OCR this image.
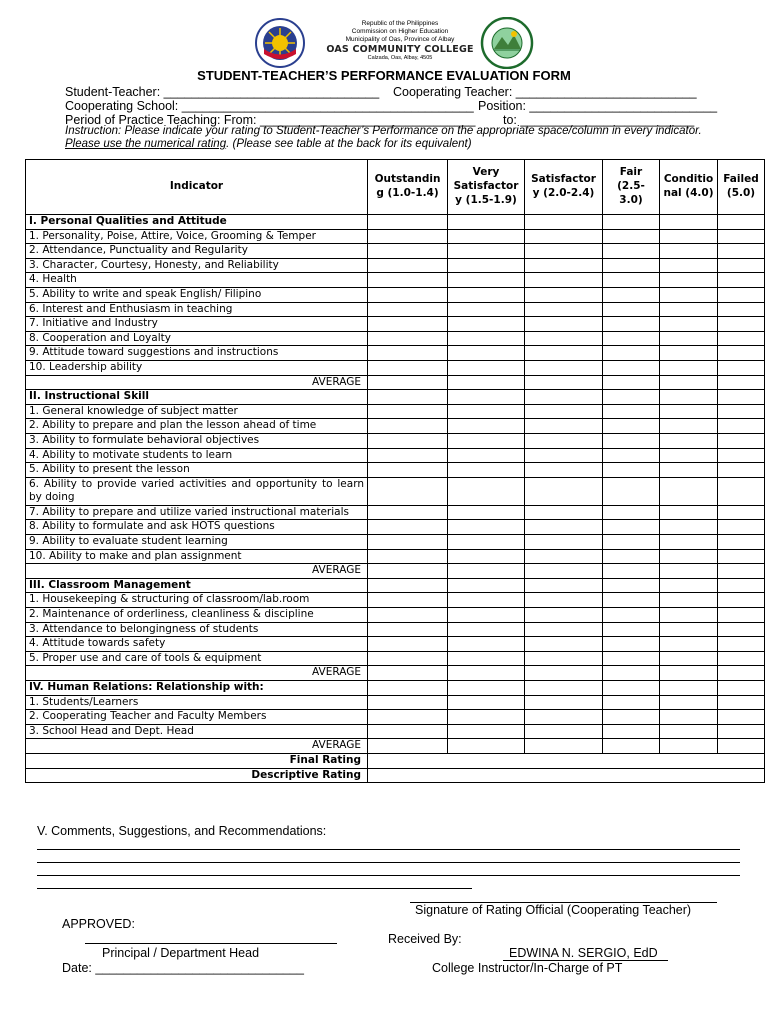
Republic of the Philippines
Commission on Higher Education
Municipality of Oas, Province of Albay
OAS COMMUNITY COLLEGE
Calzada, Oas, Albay, 4505
STUDENT-TEACHER’S PERFORMANCE EVALUATION FORM
Student-Teacher: _______________________________ Cooperating Teacher: __________________________
Cooperating School: __________________________________________ Position: ___________________________
Period of Practice Teaching: From: _______________________________ to: _________________________
Instruction: Please indicate your rating to Student-Teacher’s Performance on the appropriate space/column in every indicator. Please use the numerical rating. (Please see table at the back for its equivalent)
Indicator	Outstanding (1.0-1.4)	Very Satisfactory (1.5-1.9)	Satisfactory (2.0-2.4)	Fair (2.5-3.0)	Conditional (4.0)	Failed (5.0)
I. Personal Qualities and Attitude						
1. Personality, Poise, Attire, Voice, Grooming & Temper						
2. Attendance, Punctuality and Regularity						
3. Character, Courtesy, Honesty, and Reliability						
4. Health						
5. Ability to write and speak English/ Filipino						
6. Interest and Enthusiasm in teaching						
7. Initiative and Industry						
8. Cooperation and Loyalty						
9. Attitude toward suggestions and instructions						
10. Leadership ability						
AVERAGE						
II. Instructional Skill						
1. General knowledge of subject matter						
2. Ability to prepare and plan the lesson ahead of time						
3. Ability to formulate behavioral objectives						
4. Ability to motivate students to learn						
5. Ability to present the lesson						
6. Ability to provide varied activities and opportunity to learn by doing						
7. Ability to prepare and utilize varied instructional materials						
8. Ability to formulate and ask HOTS questions						
9. Ability to evaluate student learning						
10. Ability to make and plan assignment						
AVERAGE						
III. Classroom Management						
1. Housekeeping & structuring of classroom/lab.room						
2. Maintenance of orderliness, cleanliness & discipline						
3. Attendance to belongingness of students						
4. Attitude towards safety						
5. Proper use and care of tools & equipment						
AVERAGE						
IV. Human Relations: Relationship with:						
1. Students/Learners						
2. Cooperating Teacher and Faculty Members						
3. School Head and Dept. Head						
AVERAGE						
Final Rating						
Descriptive Rating						
V. Comments, Suggestions, and Recommendations:
Signature of Rating Official (Cooperating Teacher)
APPROVED:
Principal / Department Head
Date: ______________________________
Received By:
EDWINA N. SERGIO, EdD
College Instructor/In-Charge of PT
